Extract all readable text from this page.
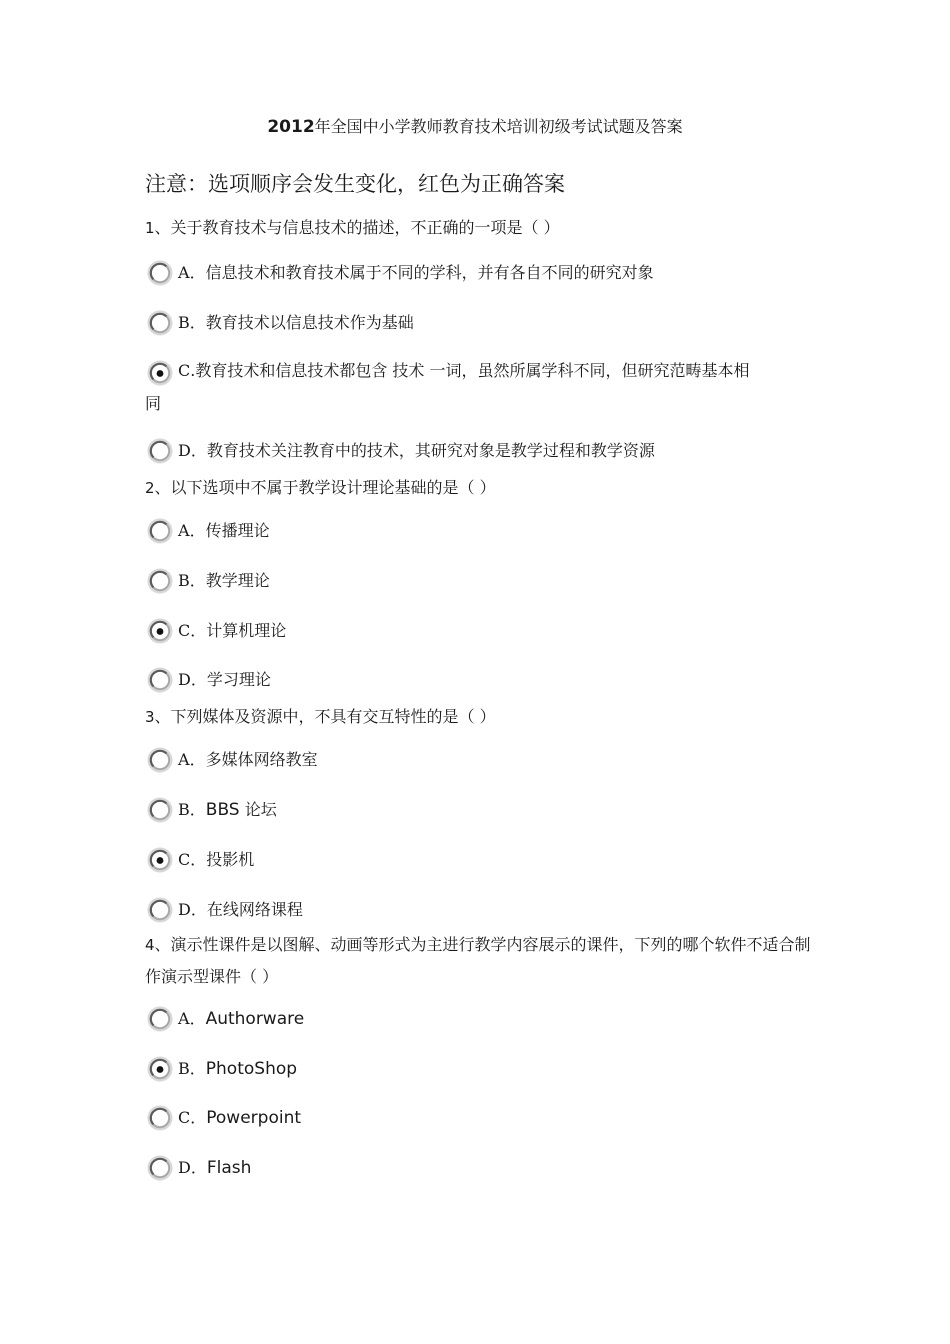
2012年全国中小学教师教育技术培训初级考试试题及答案
注意：选项顺序会发生变化，红色为正确答案
1、关于教育技术与信息技术的描述，不正确的一项是（ ）
A．信息技术和教育技术属于不同的学科，并有各自不同的研究对象
B．教育技术以信息技术作为基础
C.教育技术和信息技术都包含 技术 一词，虽然所属学科不同，但研究范畴基本相
同
D．教育技术关注教育中的技术，其研究对象是教学过程和教学资源
2、以下选项中不属于教学设计理论基础的是（ ）
A．传播理论
B．教学理论
C．计算机理论
D．学习理论
3、下列媒体及资源中，不具有交互特性的是（ ）
A．多媒体网络教室
B．BBS 论坛
C．投影机
D．在线网络课程
4、演示性课件是以图解、动画等形式为主进行教学内容展示的课件，下列的哪个软件不适合制作演示型课件（ ）
A．Authorware
B．PhotoShop
C．Powerpoint
D．Flash
